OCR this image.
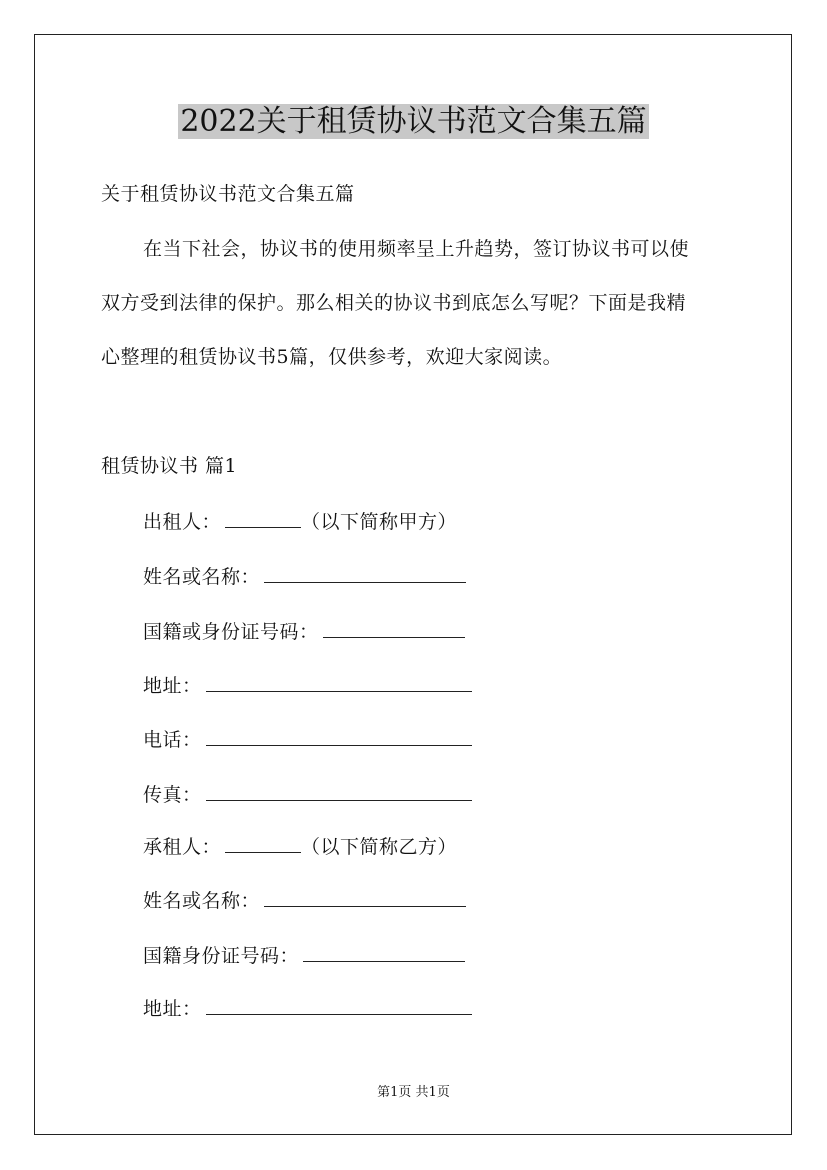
2022关于租赁协议书范文合集五篇
关于租赁协议书范文合集五篇
在当下社会，协议书的使用频率呈上升趋势，签订协议书可以使
双方受到法律的保护。那么相关的协议书到底怎么写呢？下面是我精
心整理的租赁协议书5篇，仅供参考，欢迎大家阅读。
租赁协议书 篇1
出租人：	（以下简称甲方）
姓名或名称：
国籍或身份证号码：
地址：
电话：
传真：
承租人：	（以下简称乙方）
姓名或名称：
国籍身份证号码：
地址：
第1页 共1页
